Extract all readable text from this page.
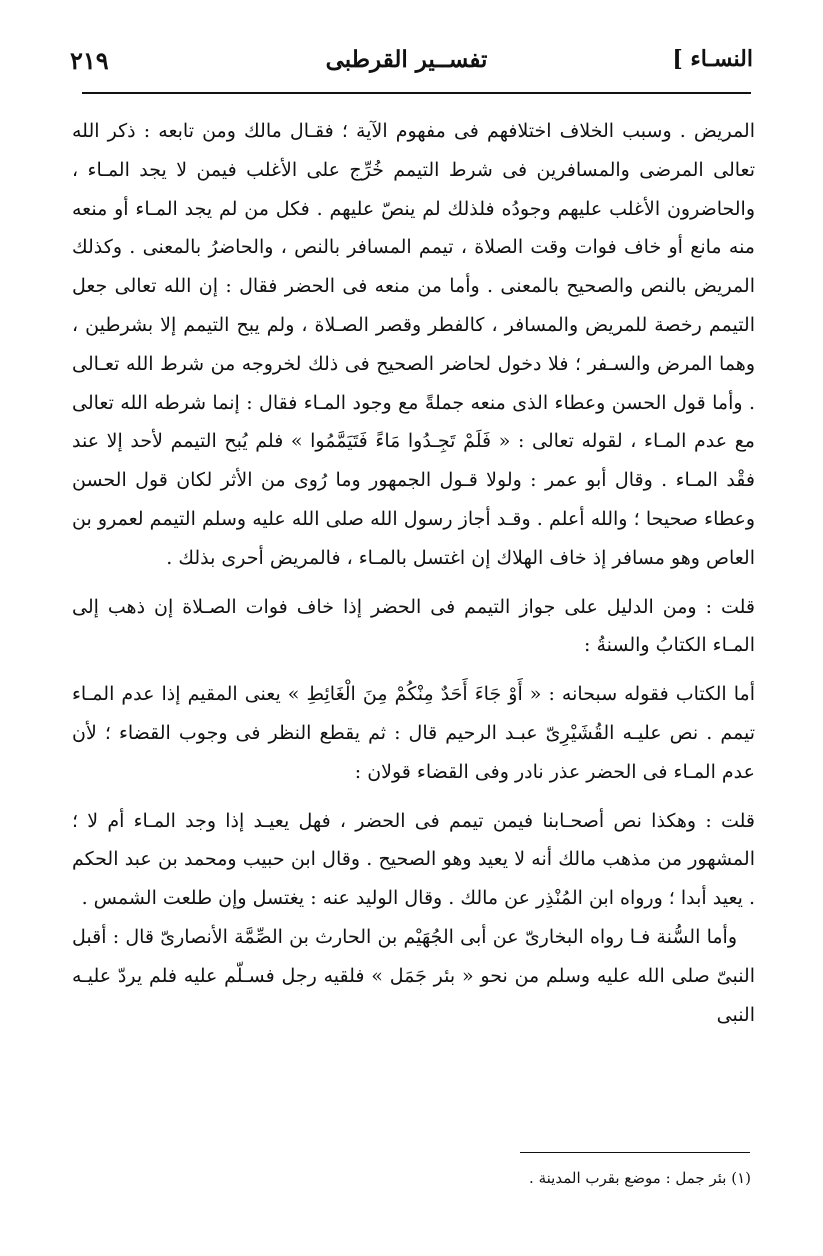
النسـاء ]
تفســير القرطبى
٢١٩

المريض . وسبب الخلاف اختلافهم فى مفهوم الآية ؛ فقـال مالك ومن تابعه : ذكر الله تعالى المرضى والمسافرين فى شرط التيمم خُرِّج على الأغلب فيمن لا يجد المـاء ، والحاضرون الأغلب عليهم وجودُه فلذلك لم ينصّ عليهم . فكل من لم يجد المـاء أو منعه منه مانع أو خاف فوات وقت الصلاة ، تيمم المسافر بالنص ، والحاضرُ بالمعنى . وكذلك المريض بالنص والصحيح بالمعنى . وأما من منعه فى الحضر فقال : إن الله تعالى جعل التيمم رخصة للمريض والمسافر ، كالفطر وقصر الصـلاة ، ولم يبح التيمم إلا بشرطين ، وهما المرض والسـفر ؛ فلا دخول لحاضر الصحيح فى ذلك لخروجه من شرط الله تعـالى . وأما قول الحسن وعطاء الذى منعه جملةً مع وجود المـاء فقال : إنما شرطه الله تعالى مع عدم المـاء ، لقوله تعالى : « فَلَمْ تَجِـدُوا مَاءً فَتَيَمَّمُوا » فلم يُبح التيمم لأحد إلا عند فقْد المـاء . وقال أبو عمر : ولولا قـول الجمهور وما رُوى من الأثر لكان قول الحسن وعطاء صحيحا ؛ والله أعلم . وقـد أجاز رسول الله صلى الله عليه وسلم التيمم لعمرو بن العاص وهو مسافر إذ خاف الهلاك إن اغتسل بالمـاء ، فالمريض أحرى بذلك .

قلت : ومن الدليل على جواز التيمم فى الحضر إذا خاف فوات الصـلاة إن ذهب إلى المـاء الكتابُ والسنةُ :

أما الكتاب فقوله سبحانه : « أَوْ جَاءَ أَحَدٌ مِنْكُمْ مِنَ الْغَائِطِ » يعنى المقيم إذا عدم المـاء تيمم . نص عليـه القُشَيْرِىّ عبـد الرحيم قال : ثم يقطع النظر فى وجوب القضاء ؛ لأن عدم المـاء فى الحضر عذر نادر وفى القضاء قولان :

قلت : وهكذا نص أصحـابنا فيمن تيمم فى الحضر ، فهل يعيـد إذا وجد المـاء أم لا ؛ المشهور من مذهب مالك أنه لا يعيد وهو الصحيح . وقال ابن حبيب ومحمد بن عبد الحكم . يعيد أبدا ؛ ورواه ابن المُنْذِر عن مالك . وقال الوليد عنه : يغتسل وإن طلعت الشمس .

وأما السُّنة فـا رواه البخارىّ عن أبى الجُهَيْم بن الحارث بن الصِّمَّة الأنصارىّ قال : أقبل النبىّ صلى الله عليه وسلم من نحو « بئر جَمَل » فلقيه رجل فسـلّم عليه فلم يردّ عليـه النبى

(١) بئر جمل : موضع بقرب المدينة .
